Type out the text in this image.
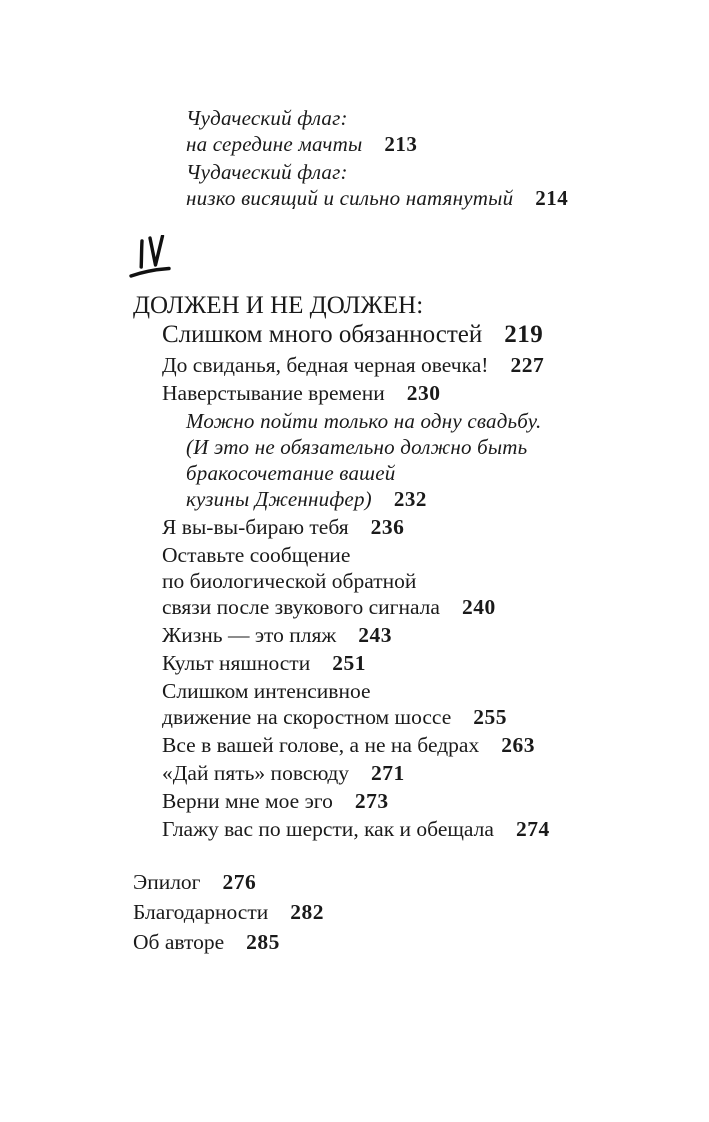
Чудаческий флаг:
на середине мачты 213
Чудаческий флаг:
низко висящий и сильно натянутый 214
ДОЛЖЕН И НЕ ДОЛЖЕН:
Слишком много обязанностей 219
До свиданья, бедная черная овечка! 227
Наверстывание времени 230
Можно пойти только на одну свадьбу.
(И это не обязательно должно быть
бракосочетание вашей
кузины Дженнифер) 232
Я вы-вы-бираю тебя 236
Оставьте сообщение
по биологической обратной
связи после звукового сигнала 240
Жизнь — это пляж 243
Культ няшности 251
Слишком интенсивное
движение на скоростном шоссе 255
Все в вашей голове, а не на бедрах 263
«Дай пять» повсюду 271
Верни мне мое эго 273
Глажу вас по шерсти, как и обещала 274
Эпилог 276
Благодарности 282
Об авторе 285
